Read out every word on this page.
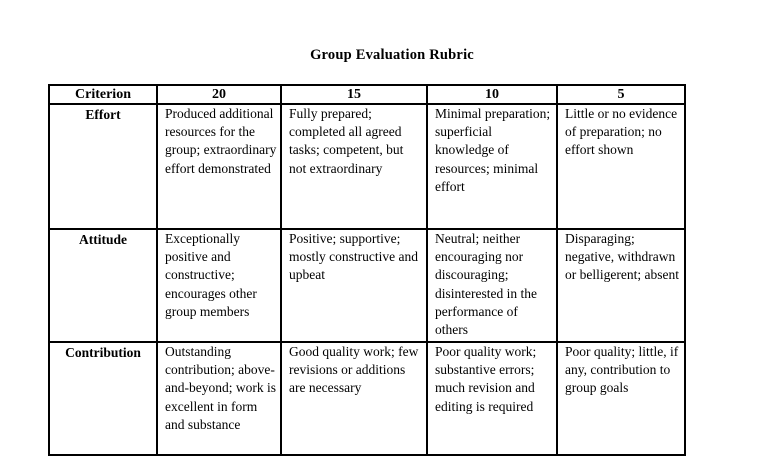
Group Evaluation Rubric
Criterion	20	15	10	5
Effort	Produced additional resources for the group; extraordinary effort demonstrated	Fully prepared; completed all agreed tasks; competent, but not extraordinary	Minimal preparation; superficial knowledge of resources; minimal effort	Little or no evidence of preparation; no effort shown

Attitude	Exceptionally positive and constructive; encourages other group members	Positive; supportive; mostly constructive and upbeat	Neutral; neither encouraging nor discouraging; disinterested in the performance of others	Disparaging; negative, withdrawn or belligerent; absent

Contribution	Outstanding contribution; above-and-beyond; work is excellent in form and substance	Good quality work; few revisions or additions are necessary	Poor quality work; substantive errors; much revision and editing is required	Poor quality; little, if any, contribution to group goals
